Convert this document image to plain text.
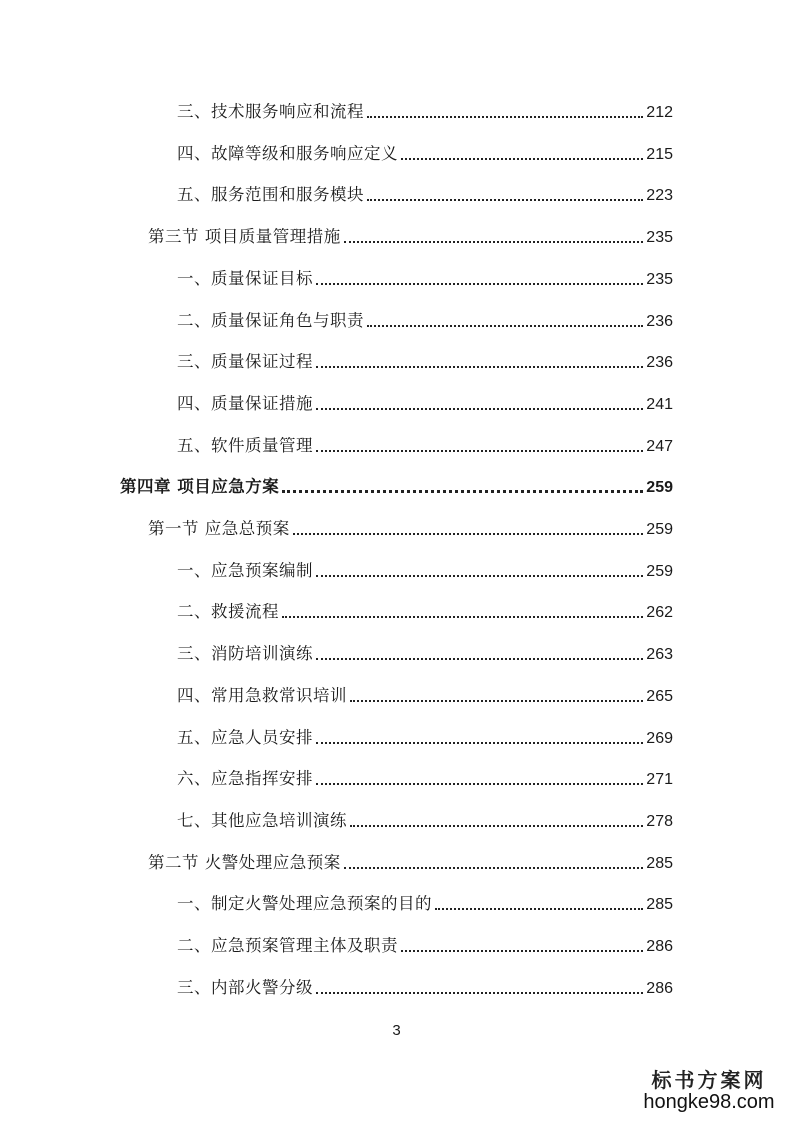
三、技术服务响应和流程	212
四、故障等级和服务响应定义	215
五、服务范围和服务模块	223
第三节 项目质量管理措施	235
一、质量保证目标	235
二、质量保证角色与职责	236
三、质量保证过程	236
四、质量保证措施	241
五、软件质量管理	247
第四章 项目应急方案	259
第一节 应急总预案	259
一、应急预案编制	259
二、救援流程	262
三、消防培训演练	263
四、常用急救常识培训	265
五、应急人员安排	269
六、应急指挥安排	271
七、其他应急培训演练	278
第二节 火警处理应急预案	285
一、制定火警处理应急预案的目的	285
二、应急预案管理主体及职责	286
三、内部火警分级	286
3
标书方案网
hongke98.com
